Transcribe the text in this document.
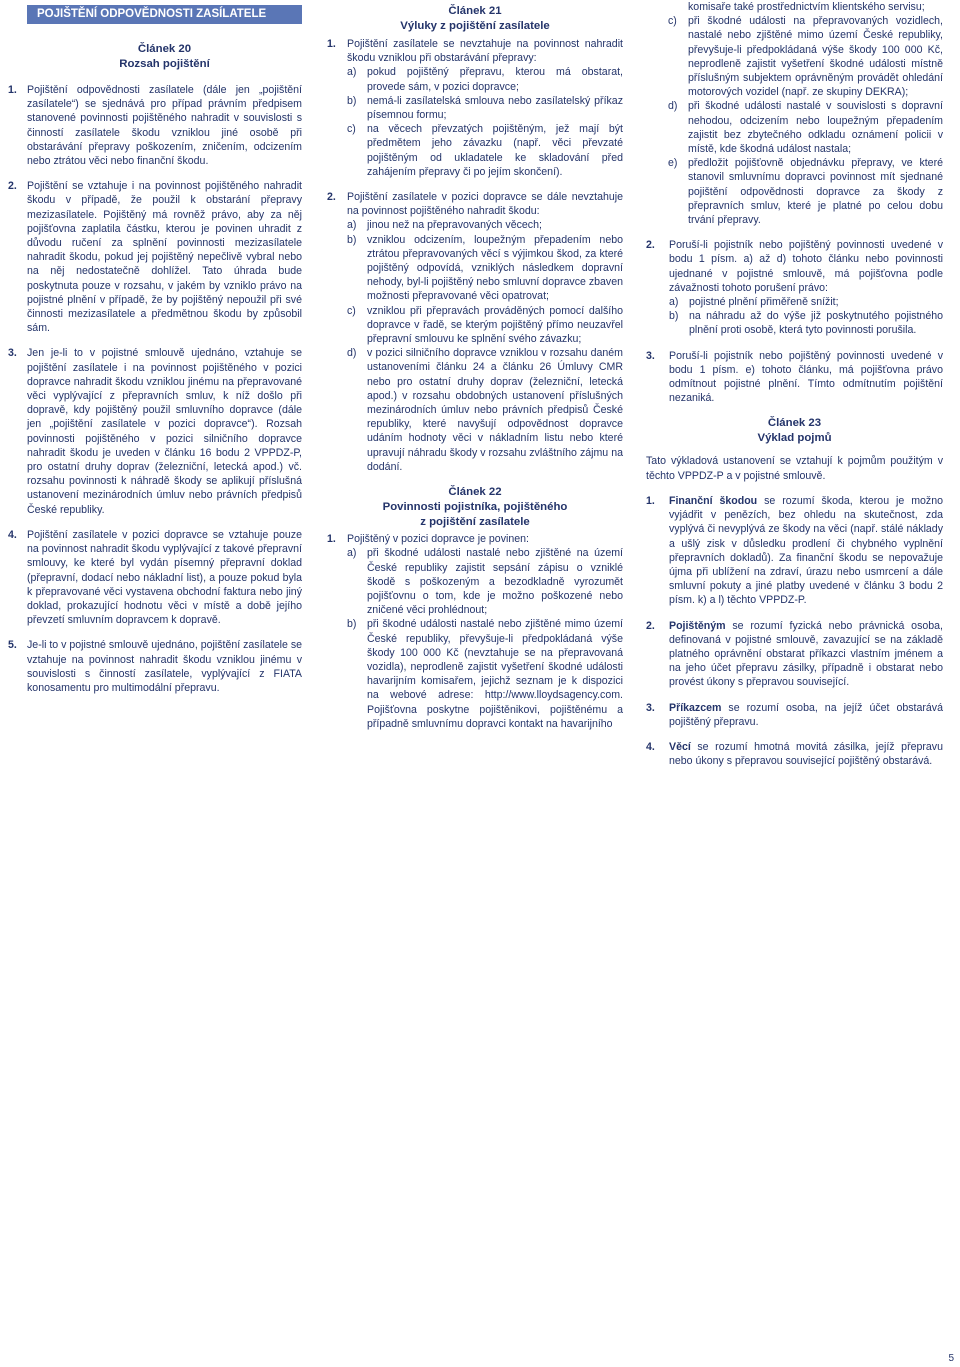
POJIŠTĚNÍ ODPOVĚDNOSTI ZASÍLATELE
Článek 20
Rozsah pojištění
1. Pojištění odpovědnosti zasílatele (dále jen „pojištění zasílatele“) se sjednává pro případ právním předpisem stanovené povinnosti pojištěného nahradit v souvislosti s činností zasílatele škodu vzniklou jiné osobě při obstarávání přepravy poškozením, zničením, odcizením nebo ztrátou věci nebo finanční škodu.
2. Pojištění se vztahuje i na povinnost pojištěného nahradit škodu v případě, že použil k obstarání přepravy mezizasílatele. Pojištěný má rovněž právo, aby za něj pojišťovna zaplatila částku, kterou je povinen uhradit z důvodu ručení za splnění povinnosti mezizasílatele nahradit škodu, pokud jej pojištěný nepečlivě vybral nebo na něj nedostatečně dohlížel. Tato úhrada bude poskytnuta pouze v rozsahu, v jakém by vzniklo právo na pojistné plnění v případě, že by pojištěný nepoužil při své činnosti mezizasílatele a předmětnou škodu by způsobil sám.
3. Jen je-li to v pojistné smlouvě ujednáno, vztahuje se pojištění zasílatele i na povinnost pojištěného v pozici dopravce nahradit škodu vzniklou jinému na přepravované věci vyplývající z přepravních smluv, k níž došlo při dopravě, kdy pojištěný použil smluvního dopravce (dále jen „pojištění zasílatele v pozici dopravce“). Rozsah povinnosti pojištěného v pozici silničního dopravce nahradit škodu je uveden v článku 16 bodu 2 VPPDZ-P, pro ostatní druhy doprav (železniční, letecká apod.) vč. rozsahu povinnosti k náhradě škody se aplikují příslušná ustanovení mezinárodních úmluv nebo právních předpisů České republiky.
4. Pojištění zasílatele v pozici dopravce se vztahuje pouze na povinnost nahradit škodu vyplývající z takové přepravní smlouvy, ke které byl vydán písemný přepravní doklad (přepravní, dodací nebo nákladní list), a pouze pokud byla k přepravované věci vystavena obchodní faktura nebo jiný doklad, prokazující hodnotu věci v místě a době jejího převzetí smluvním dopravcem k dopravě.
5. Je-li to v pojistné smlouvě ujednáno, pojištění zasílatele se vztahuje na povinnost nahradit škodu vzniklou jinému v souvislosti s činností zasílatele, vyplývající z FIATA konosamentu pro multimodální přepravu.
Článek 21
Výluky z pojištění zasílatele
1. Pojištění zasílatele se nevztahuje na povinnost nahradit škodu vzniklou při obstarávání přepravy:
a) pokud pojištěný přepravu, kterou má obstarat, provede sám, v pozici dopravce;
b) nemá-li zasílatelská smlouva nebo zasílatelský příkaz písemnou formu;
c) na věcech převzatých pojištěným, jež mají být předmětem jeho závazku (např. věci převzaté pojištěným od ukladatele ke skladování před zahájením přepravy či po jejím skončení).
2. Pojištění zasílatele v pozici dopravce se dále nevztahuje na povinnost pojištěného nahradit škodu:
a) jinou než na přepravovaných věcech;
b) vzniklou odcizením, loupežným přepadením nebo ztrátou přepravovaných věcí s výjimkou škod, za které pojištěný odpovídá, vzniklých následkem dopravní nehody, byl-li pojištěný nebo smluvní dopravce zbaven možnosti přepravované věci opatrovat;
c) vzniklou při přepravách prováděných pomocí dalšího dopravce v řadě, se kterým pojištěný přímo neuzavřel přepravní smlouvu ke splnění svého závazku;
d) v pozici silničního dopravce vzniklou v rozsahu daném ustanoveními článku 24 a článku 26 Úmluvy CMR nebo pro ostatní druhy doprav (železniční, letecká apod.) v rozsahu obdobných ustanovení příslušných mezinárodních úmluv nebo právních předpisů České republiky, které navyšují odpovědnost dopravce udáním hodnoty věci v nákladním listu nebo které upravují náhradu škody v rozsahu zvláštního zájmu na dodání.
Článek 22
Povinnosti pojistníka, pojištěného
z pojištění zasílatele
1. Pojištěný v pozici dopravce je povinen:
a) při škodné události nastalé nebo zjištěné na území České republiky zajistit sepsání zápisu o vzniklé škodě s poškozeným a bezodkladně vyrozumět pojišťovnu o tom, kde je možno poškozené nebo zničené věci prohlédnout;
b) při škodné události nastalé nebo zjištěné mimo území České republiky, převyšuje-li předpokládaná výše škody 100 000 Kč (nevztahuje se na přepravovaná vozidla), neprodleně zajistit vyšetření škodné události havarijním komisařem, jejichž seznam je k dispozici na webové adrese: http://www.lloydsagency.com. Pojišťovna poskytne pojištěnikovi, pojištěnému a případně smluvnímu dopravci kontakt na havarijního
komisaře také prostřednictvím klientského servisu;
c) při škodné události na přepravovaných vozidlech, nastalé nebo zjištěné mimo území České republiky, převyšuje-li předpokládaná výše škody 100 000 Kč, neprodleně zajistit vyšetření škodné události místně příslušným subjektem oprávněným provádět ohledání motorových vozidel (např. ze skupiny DEKRA);
d) při škodné události nastalé v souvislosti s dopravní nehodou, odcizením nebo loupežným přepadením zajistit bez zbytečného odkladu oznámení policii v místě, kde škodná událost nastala;
e) předložit pojišťovně objednávku přepravy, ve které stanovil smluvnímu dopravci povinnost mít sjednané pojištění odpovědnosti dopravce za škody z přepravních smluv, které je platné po celou dobu trvání přepravy.
2. Poruší-li pojistník nebo pojištěný povinnosti uvedené v bodu 1 písm. a) až d) tohoto článku nebo povinnosti ujednané v pojistné smlouvě, má pojišťovna podle závažnosti tohoto porušení právo:
a) pojistné plnění přiměřeně snížit;
b) na náhradu až do výše již poskytnutého pojistného plnění proti osobě, která tyto povinnosti porušila.
3. Poruší-li pojistník nebo pojištěný povinnosti uvedené v bodu 1 písm. e) tohoto článku, má pojišťovna právo odmítnout pojistné plnění. Tímto odmítnutím pojištění nezaniká.
Článek 23
Výklad pojmů
Tato výkladová ustanovení se vztahují k pojmům použitým v těchto VPPDZ-P a v pojistné smlouvě.
1. Finanční škodou se rozumí škoda, kterou je možno vyjádřit v penězích, bez ohledu na skutečnost, zda vyplývá či nevyplývá ze škody na věci (např. stálé náklady a ušlý zisk v důsledku prodlení či chybného vyplnění přepravních dokladů). Za finanční škodu se nepovažuje újma při ublížení na zdraví, úrazu nebo usmrcení a dále smluvní pokuty a jiné platby uvedené v článku 3 bodu 2 písm. k) a l) těchto VPPDZ-P.
2. Pojištěným se rozumí fyzická nebo právnická osoba, definovaná v pojistné smlouvě, zavazující se na základě platného oprávnění obstarat příkazci vlastním jménem a na jeho účet přepravu zásilky, případně i obstarat nebo provést úkony s přepravou související.
3. Příkazcem se rozumí osoba, na jejíž účet obstarává pojištěný přepravu.
4. Věcí se rozumí hmotná movitá zásilka, jejíž přepravu nebo úkony s přepravou související pojištěný obstarává.
5
